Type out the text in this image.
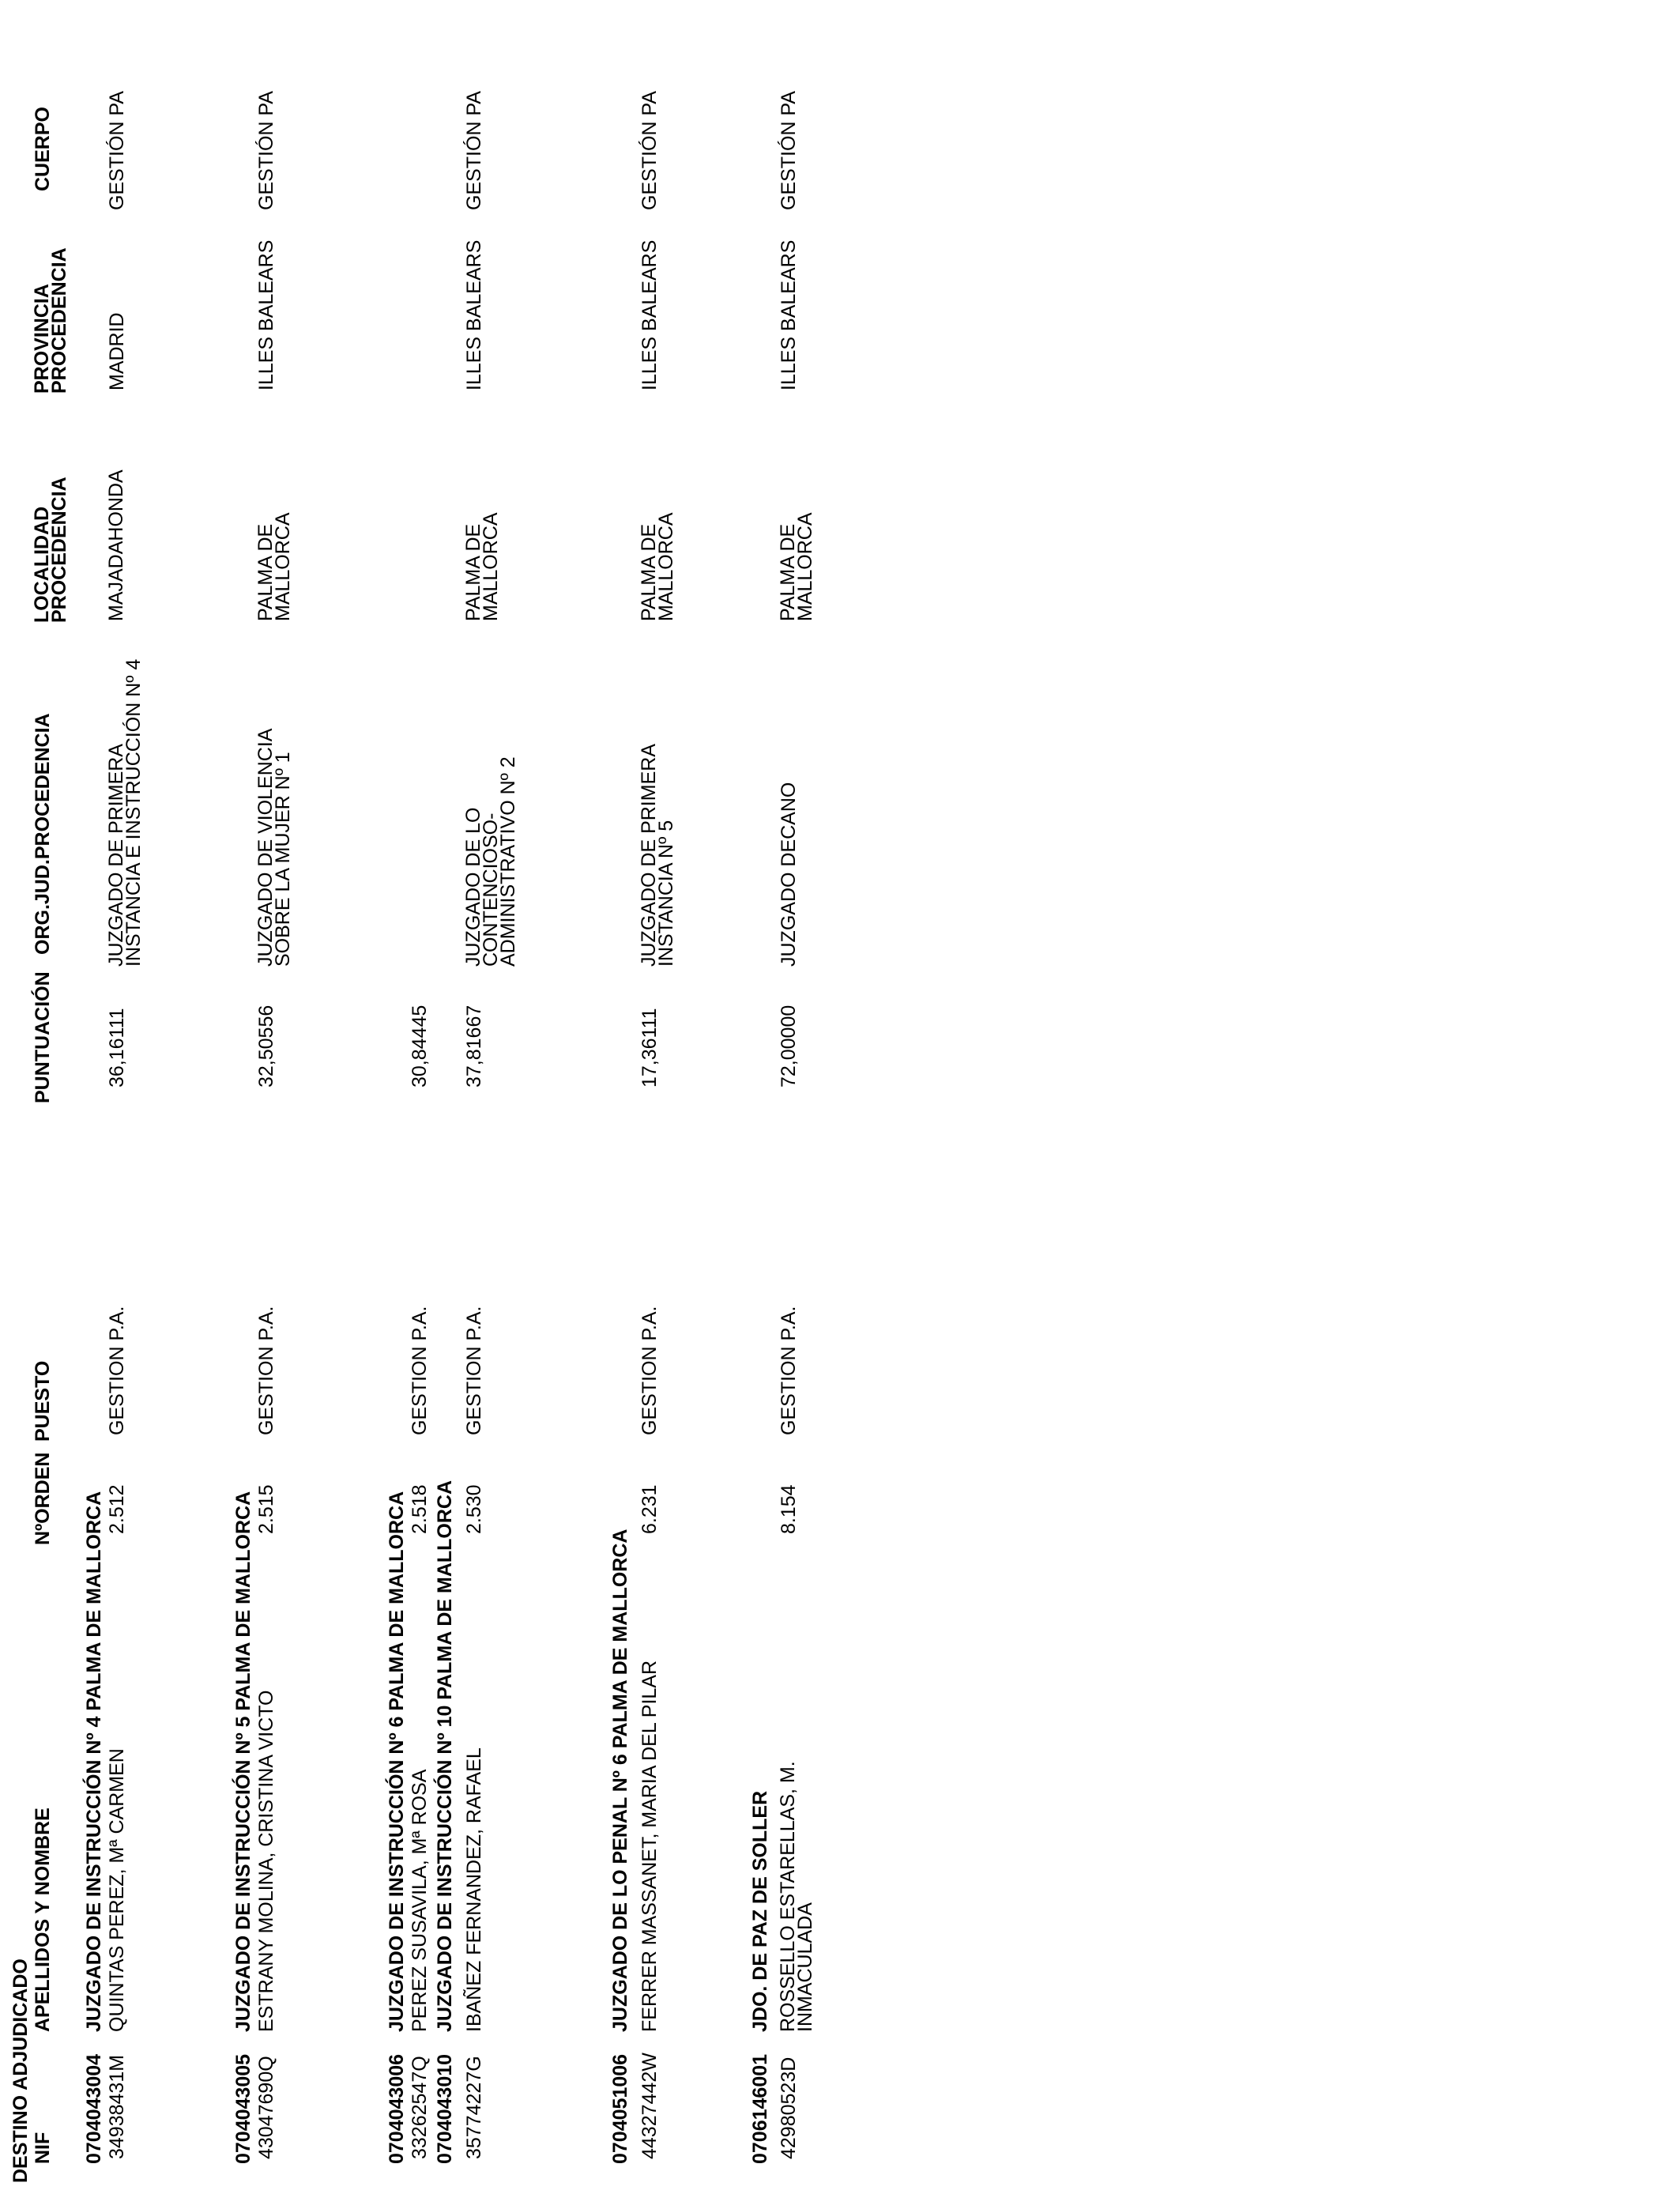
DESTINO ADJUDICADO NIF
APELLIDOS Y NOMBRE
NºORDEN
PUESTO
PUNTUACIÓN
ORG.JUD.PROCEDENCIA
LOCALIDAD
PROCEDENCIA
PROVINCIA
PROCEDENCIA
CUERPO
0704043004
JUZGADO DE INSTRUCCIÓN Nº 4 PALMA DE MALLORCA
34938431M
QUINTAS PEREZ, Mª CARMEN
2.512
GESTION P.A.
36,16111
JUZGADO DE PRIMERA
INSTANCIA E INSTRUCCIÓN Nº 4
MAJADAHONDA
MADRID
GESTIÓN PA
0704043005
JUZGADO DE INSTRUCCIÓN Nº 5 PALMA DE MALLORCA
43047690Q
ESTRANY MOLINA, CRISTINA VICTO
2.515
GESTION P.A.
32,50556
JUZGADO DE VIOLENCIA
SOBRE LA MUJER Nº 1
PALMA DE
MALLORCA
ILLES BALEARS
GESTIÓN PA
0704043006
JUZGADO DE INSTRUCCIÓN Nº 6 PALMA DE MALLORCA
33262547Q
PEREZ SUSAVILA, Mª ROSA
2.518
GESTION P.A.
30,84445
0704043010
JUZGADO DE INSTRUCCIÓN Nº 10 PALMA DE MALLORCA
35774227G
IBAÑEZ FERNANDEZ, RAFAEL
2.530
GESTION P.A.
37,81667
JUZGADO DE LO
CONTENCIOSO-
ADMINISTRATIVO Nº 2
PALMA DE
MALLORCA
ILLES BALEARS
GESTIÓN PA
0704051006
JUZGADO DE LO PENAL Nº 6 PALMA DE MALLORCA
44327442W
FERRER MASSANET, MARIA DEL PILAR
6.231
GESTION P.A.
17,36111
JUZGADO DE PRIMERA
INSTANCIA Nº 5
PALMA DE
MALLORCA
ILLES BALEARS
GESTIÓN PA
0706146001
JDO. DE PAZ DE SOLLER
42980523D
ROSSELLO ESTARELLAS, M.
INMACULADA
8.154
GESTION P.A.
72,00000
JUZGADO DECANO
PALMA DE
MALLORCA
ILLES BALEARS
GESTIÓN PA
